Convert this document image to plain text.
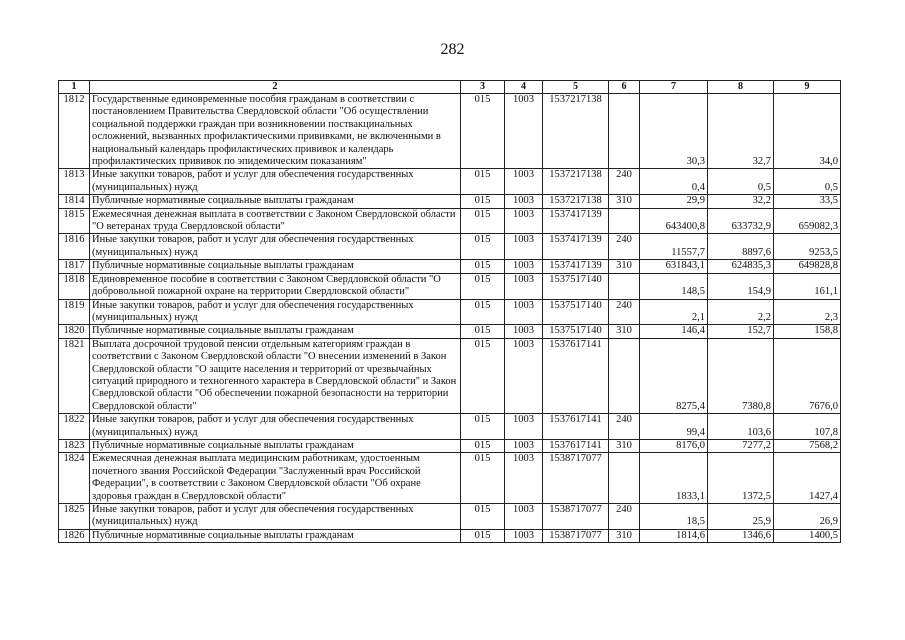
282
1	2	3	4	5	6	7	8	9
1812	Государственные единовременные пособия гражданам в соответствии с постановлением Правительства Свердловской области "Об осуществлении социальной поддержки граждан при возникновении поствакцинальных осложнений, вызванных профилактическими прививками, не включенными в национальный календарь профилактических прививок и календарь профилактических прививок по эпидемическим показаниям"	015	1003	1537217138		30,3	32,7	34,0
1813	Иные закупки товаров, работ и услуг для обеспечения государственных (муниципальных) нужд	015	1003	1537217138	240	0,4	0,5	0,5
1814	Публичные нормативные социальные выплаты гражданам	015	1003	1537217138	310	29,9	32,2	33,5
1815	Ежемесячная денежная выплата в соответствии с Законом Свердловской области "О ветеранах труда Свердловской области"	015	1003	1537417139		643400,8	633732,9	659082,3
1816	Иные закупки товаров, работ и услуг для обеспечения государственных (муниципальных) нужд	015	1003	1537417139	240	11557,7	8897,6	9253,5
1817	Публичные нормативные социальные выплаты гражданам	015	1003	1537417139	310	631843,1	624835,3	649828,8
1818	Единовременное пособие в соответствии с Законом Свердловской области "О добровольной пожарной охране на территории Свердловской области"	015	1003	1537517140		148,5	154,9	161,1
1819	Иные закупки товаров, работ и услуг для обеспечения государственных (муниципальных) нужд	015	1003	1537517140	240	2,1	2,2	2,3
1820	Публичные нормативные социальные выплаты гражданам	015	1003	1537517140	310	146,4	152,7	158,8
1821	Выплата досрочной трудовой пенсии отдельным категориям граждан в соответствии с Законом Свердловской области "О внесении изменений в Закон Свердловской области "О защите населения и территорий от чрезвычайных ситуаций природного и техногенного характера в Свердловской области" и Закон Свердловской области "Об обеспечении пожарной безопасности на территории Свердловской области"	015	1003	1537617141		8275,4	7380,8	7676,0
1822	Иные закупки товаров, работ и услуг для обеспечения государственных (муниципальных) нужд	015	1003	1537617141	240	99,4	103,6	107,8
1823	Публичные нормативные социальные выплаты гражданам	015	1003	1537617141	310	8176,0	7277,2	7568,2
1824	Ежемесячная денежная выплата медицинским работникам, удостоенным почетного звания Российской Федерации "Заслуженный врач Российской Федерации", в соответствии с Законом Свердловской области "Об охране здоровья граждан в Свердловской области"	015	1003	1538717077		1833,1	1372,5	1427,4
1825	Иные закупки товаров, работ и услуг для обеспечения государственных (муниципальных) нужд	015	1003	1538717077	240	18,5	25,9	26,9
1826	Публичные нормативные социальные выплаты гражданам	015	1003	1538717077	310	1814,6	1346,6	1400,5
